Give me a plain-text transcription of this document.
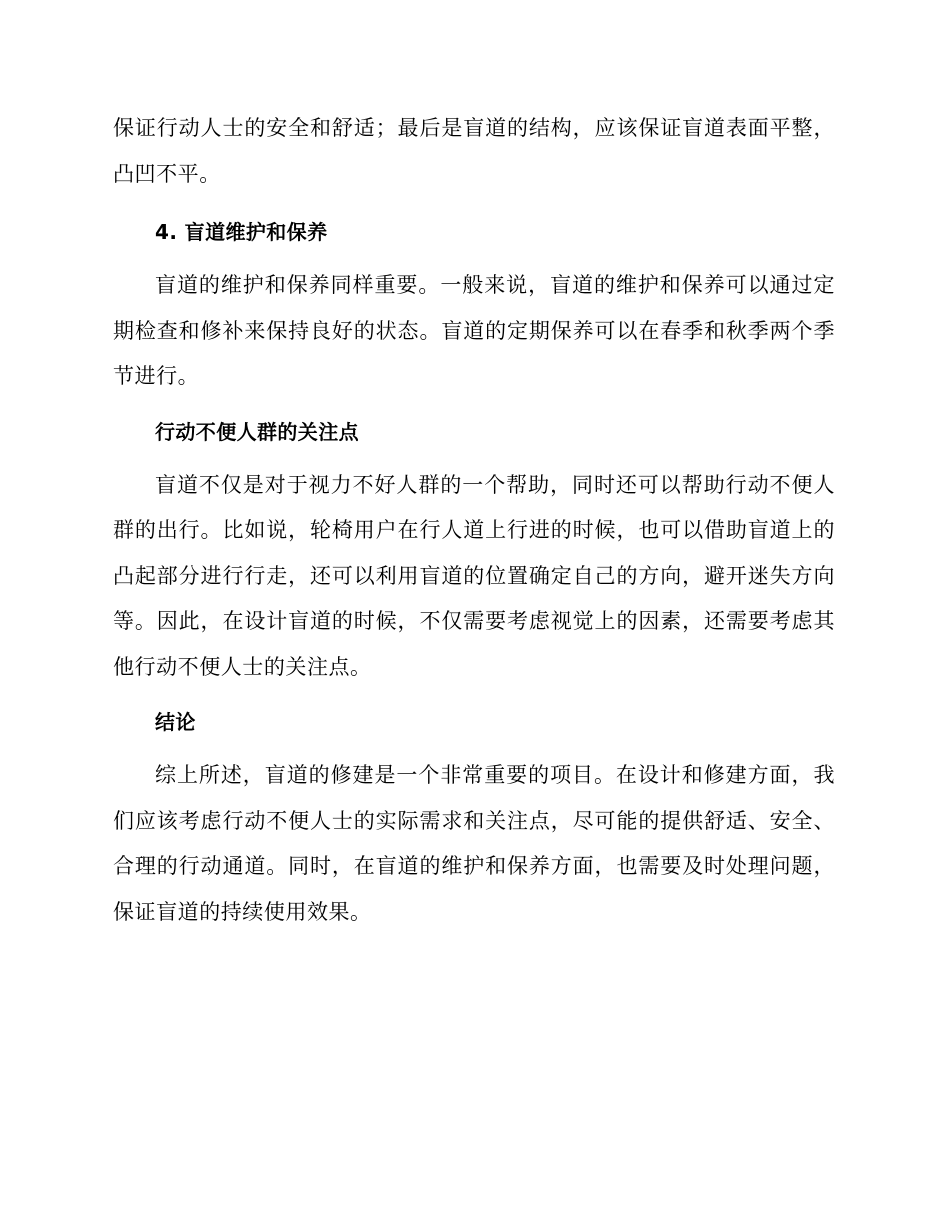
保证行动人士的安全和舒适；最后是盲道的结构，应该保证盲道表面平整，凸凹不平。

4. 盲道维护和保养

盲道的维护和保养同样重要。一般来说，盲道的维护和保养可以通过定期检查和修补来保持良好的状态。盲道的定期保养可以在春季和秋季两个季节进行。

行动不便人群的关注点

盲道不仅是对于视力不好人群的一个帮助，同时还可以帮助行动不便人群的出行。比如说，轮椅用户在行人道上行进的时候，也可以借助盲道上的凸起部分进行行走，还可以利用盲道的位置确定自己的方向，避开迷失方向等。因此，在设计盲道的时候，不仅需要考虑视觉上的因素，还需要考虑其他行动不便人士的关注点。

结论

综上所述，盲道的修建是一个非常重要的项目。在设计和修建方面，我们应该考虑行动不便人士的实际需求和关注点，尽可能的提供舒适、安全、合理的行动通道。同时，在盲道的维护和保养方面，也需要及时处理问题，保证盲道的持续使用效果。
